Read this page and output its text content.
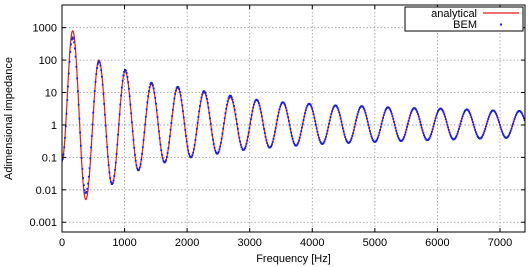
0	1000	2000	3000	4000	5000	6000	7000
0.001
0.01
0.1
1
10
100
1000
Frequency [Hz]
Adimensional impedance
analytical
BEM
